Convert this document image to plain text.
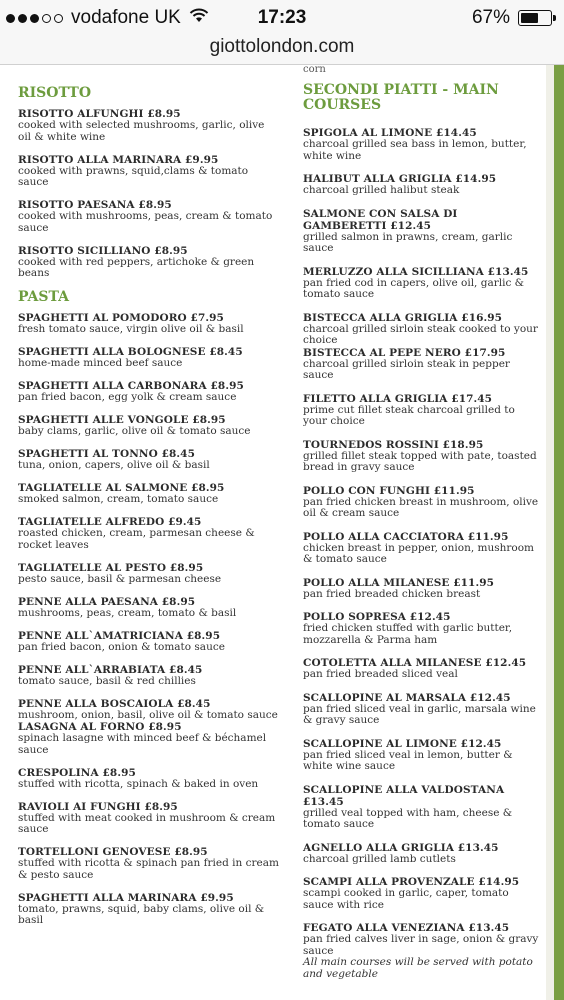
vodafone UK	17:23	67%
giottolondon.com
RISOTTO
RISOTTO ALFUNGHI £8.95
cooked with selected mushrooms, garlic, olive oil & white wine
RISOTTO ALLA MARINARA £9.95
cooked with prawns, squid,clams & tomato sauce
RISOTTO PAESANA £8.95
cooked with mushrooms, peas, cream & tomato sauce
RISOTTO SICILLIANO £8.95
cooked with red peppers, artichoke & green beans
PASTA
SPAGHETTI AL POMODORO £7.95
fresh tomato sauce, virgin olive oil & basil
SPAGHETTI ALLA BOLOGNESE £8.45
home-made minced beef sauce
SPAGHETTI ALLA CARBONARA £8.95
pan fried bacon, egg yolk & cream sauce
SPAGHETTI ALLE VONGOLE £8.95
baby clams, garlic, olive oil & tomato sauce
SPAGHETTI AL TONNO £8.45
tuna, onion, capers, olive oil & basil
TAGLIATELLE AL SALMONE £8.95
smoked salmon, cream, tomato sauce
TAGLIATELLE ALFREDO £9.45
roasted chicken, cream, parmesan cheese & rocket leaves
TAGLIATELLE AL PESTO £8.95
pesto sauce, basil & parmesan cheese
PENNE ALLA PAESANA £8.95
mushrooms, peas, cream, tomato & basil
PENNE ALL`AMATRICIANA £8.95
pan fried bacon, onion & tomato sauce
PENNE ALL`ARRABIATA £8.45
tomato sauce, basil & red chillies
PENNE ALLA BOSCAIOLA £8.45
mushroom, onion, basil, olive oil & tomato sauce
LASAGNA AL FORNO £8.95
spinach lasagne with minced beef & béchamel sauce
CRESPOLINA £8.95
stuffed with ricotta, spinach & baked in oven
RAVIOLI AI FUNGHI £8.95
stuffed with meat cooked in mushroom & cream sauce
TORTELLONI GENOVESE £8.95
stuffed with ricotta & spinach pan fried in cream & pesto sauce
SPAGHETTI ALLA MARINARA £9.95
tomato, prawns, squid, baby clams, olive oil & basil
corn
SECONDI PIATTI - MAIN COURSES
SPIGOLA AL LIMONE £14.45
charcoal grilled sea bass in lemon, butter, white wine
HALIBUT ALLA GRIGLIA £14.95
charcoal grilled halibut steak
SALMONE CON SALSA DI GAMBERETTI £12.45
grilled salmon in prawns, cream, garlic sauce
MERLUZZO ALLA SICILLIANA £13.45
pan fried cod in capers, olive oil, garlic & tomato sauce
BISTECCA ALLA GRIGLIA £16.95
charcoal grilled sirloin steak cooked to your choice
BISTECCA AL PEPE NERO £17.95
charcoal grilled sirloin steak in pepper sauce
FILETTO ALLA GRIGLIA £17.45
prime cut fillet steak charcoal grilled to your choice
TOURNEDOS ROSSINI £18.95
grilled fillet steak topped with pate, toasted bread in gravy sauce
POLLO CON FUNGHI £11.95
pan fried chicken breast in mushroom, olive oil & cream sauce
POLLO ALLA CACCIATORA £11.95
chicken breast in pepper, onion, mushroom & tomato sauce
POLLO ALLA MILANESE £11.95
pan fried breaded chicken breast
POLLO SOPRESA £12.45
fried chicken stuffed with garlic butter, mozzarella & Parma ham
COTOLETTA ALLA MILANESE £12.45
pan fried breaded sliced veal
SCALLOPINE AL MARSALA £12.45
pan fried sliced veal in garlic, marsala wine & gravy sauce
SCALLOPINE AL LIMONE £12.45
pan fried sliced veal in lemon, butter & white wine sauce
SCALLOPINE ALLA VALDOSTANA £13.45
grilled veal topped with ham, cheese & tomato sauce
AGNELLO ALLA GRIGLIA £13.45
charcoal grilled lamb cutlets
SCAMPI ALLA PROVENZALE £14.95
scampi cooked in garlic, caper, tomato sauce with rice
FEGATO ALLA VENEZIANA £13.45
pan fried calves liver in sage, onion & gravy sauce
All main courses will be served with potato and vegetable
